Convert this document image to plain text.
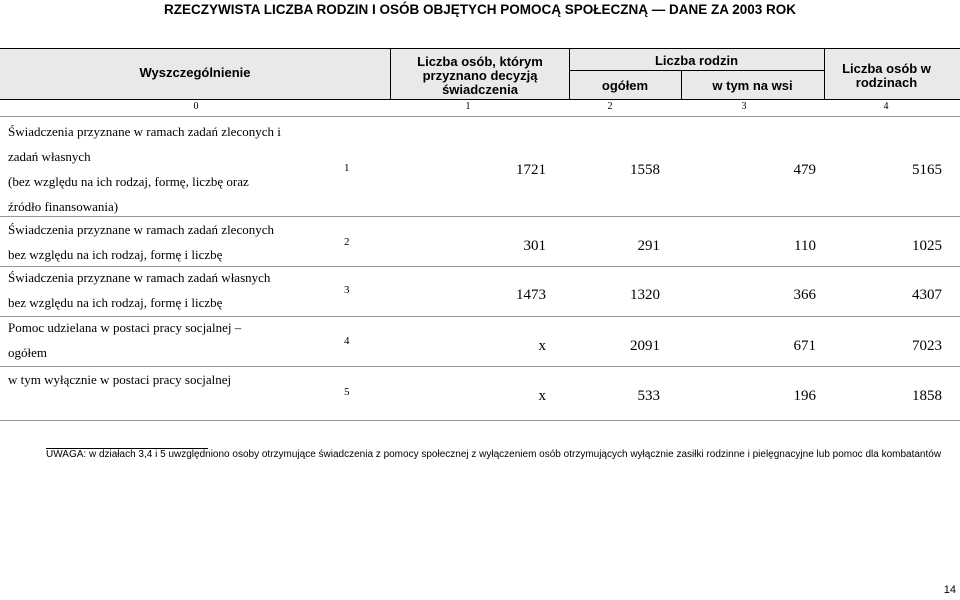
RZECZYWISTA LICZBA RODZIN I OSÓB OBJĘTYCH POMOCĄ SPOŁECZNĄ — DANE ZA 2003 ROK
Wyszczególnienie
Liczba osób, którym
przyznano decyzją
świadczenia
Liczba rodzin
ogółem	w tym na wsi
Liczba osób w
rodzinach
0	1	2	3	4
Świadczenia przyznane w ramach zadań zleconych i
zadań własnych
(bez względu na ich rodzaj, formę, liczbę oraz
źródło finansowania)
1	1721	1558	479	5165
Świadczenia przyznane w ramach zadań zleconych
bez względu na ich rodzaj, formę i liczbę
2	301	291	110	1025
Świadczenia przyznane w ramach zadań własnych
bez względu na ich rodzaj, formę i liczbę
3	1473	1320	366	4307
Pomoc udzielana w postaci pracy socjalnej –
ogółem
4	x	2091	671	7023
w tym wyłącznie w postaci pracy socjalnej
5	x	533	196	1858
UWAGA: w działach 3,4 i 5 uwzględniono osoby otrzymujące świadczenia z pomocy społecznej z wyłączeniem osób otrzymujących wyłącznie zasiłki rodzinne i pielęgnacyjne lub pomoc dla kombatantów
14
